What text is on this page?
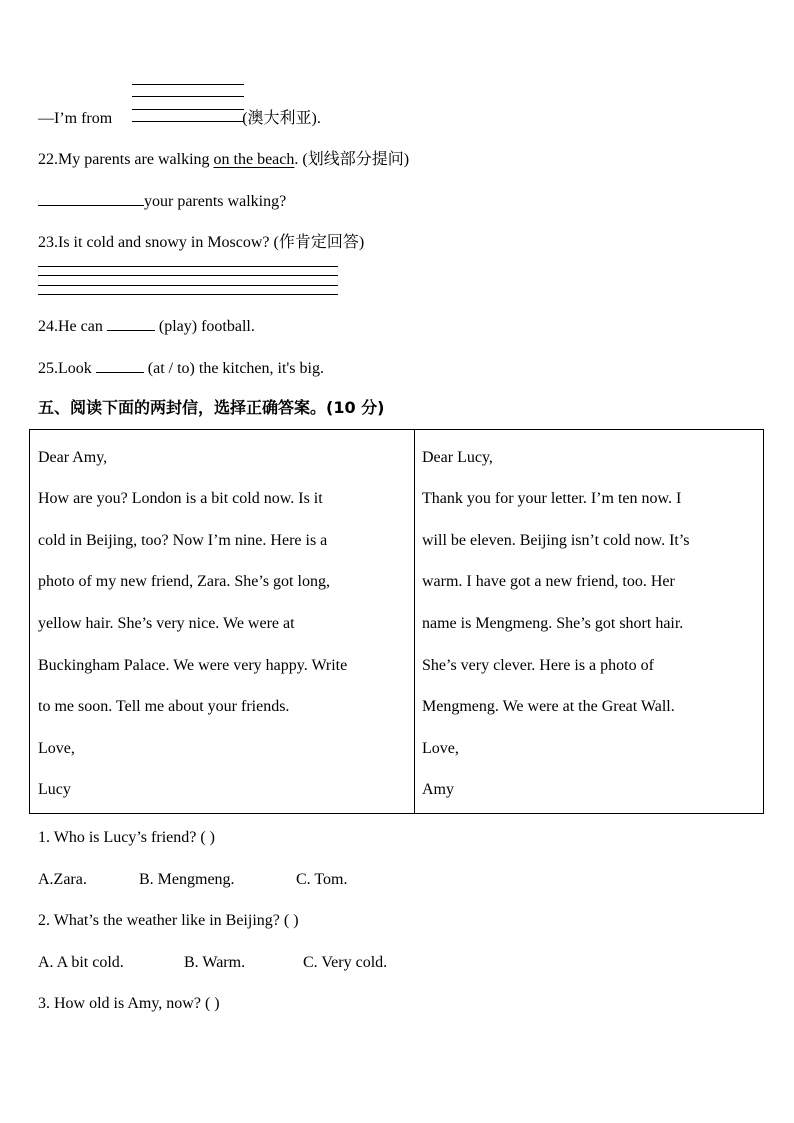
—I’m from	(澳大利亚).
22.My parents are walking on the beach. (划线部分提问)
your parents walking?
23.Is it cold and snowy in Moscow? (作肯定回答)
24.He can	(play) football.
25.Look	(at / to) the kitchen, it's big.
五、阅读下面的两封信，选择正确答案。(10 分)
Dear Amy,
How are you? London is a bit cold now. Is it
cold in Beijing, too? Now I’m nine. Here is a
photo of my new friend, Zara. She’s got long,
yellow hair. She’s very nice. We were at
Buckingham Palace. We were very happy. Write
to me soon. Tell me about your friends.
Love,
Lucy
Dear Lucy,
Thank you for your letter. I’m ten now. I
will be eleven. Beijing isn’t cold now. It’s
warm. I have got a new friend, too. Her
name is Mengmeng. She’s got short hair.
She’s very clever. Here is a photo of
Mengmeng. We were at the Great Wall.
Love,
Amy
1. Who is Lucy’s friend? ( )
A.Zara.	B. Mengmeng.	C. Tom.
2. What’s the weather like in Beijing? ( )
A. A bit cold.	B. Warm.	C. Very cold.
3. How old is Amy, now? ( )
